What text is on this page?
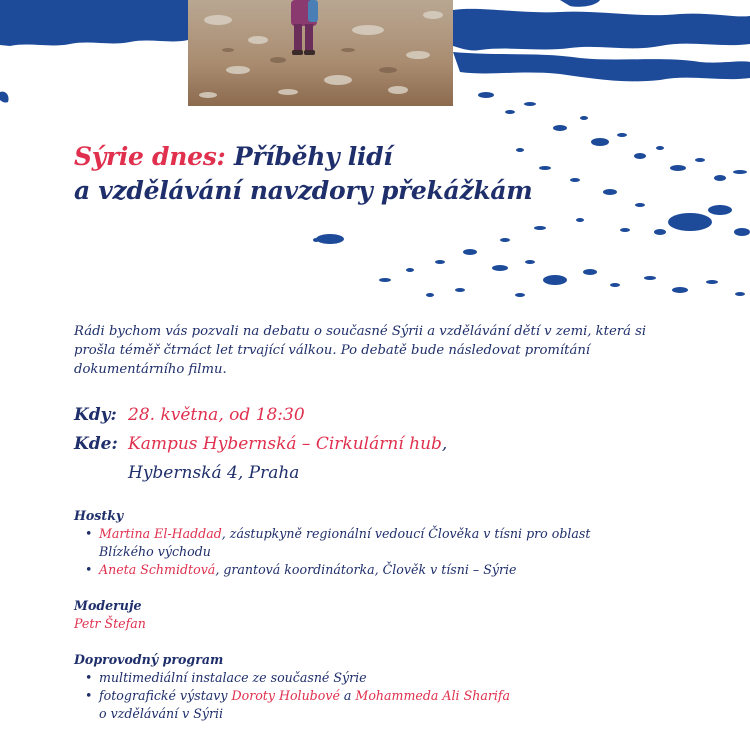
Sýrie dnes: Příběhy lidí
a vzdělávání navzdory překážkám
Rádi bychom vás pozvali na debatu o současné Sýrii a vzdělávání dětí v zemi, která si prošla téměř čtrnáct let trvající válkou. Po debatě bude následovat promítání dokumentárního filmu.
Kdy: 28. května, od 18:30
Kde: Kampus Hybernská – Cirkulární hub,
Hybernská 4, Praha
Hostky
• Martina El-Haddad, zástupkyně regionální vedoucí Člověka v tísni pro oblast
Blízkého východu
• Aneta Schmidtová, grantová koordinátorka, Člověk v tísni – Sýrie
Moderuje
Petr Štefan
Doprovodný program
• multimediální instalace ze současné Sýrie
• fotografické výstavy Doroty Holubové a Mohammeda Ali Sharifa
o vzdělávání v Sýrii
